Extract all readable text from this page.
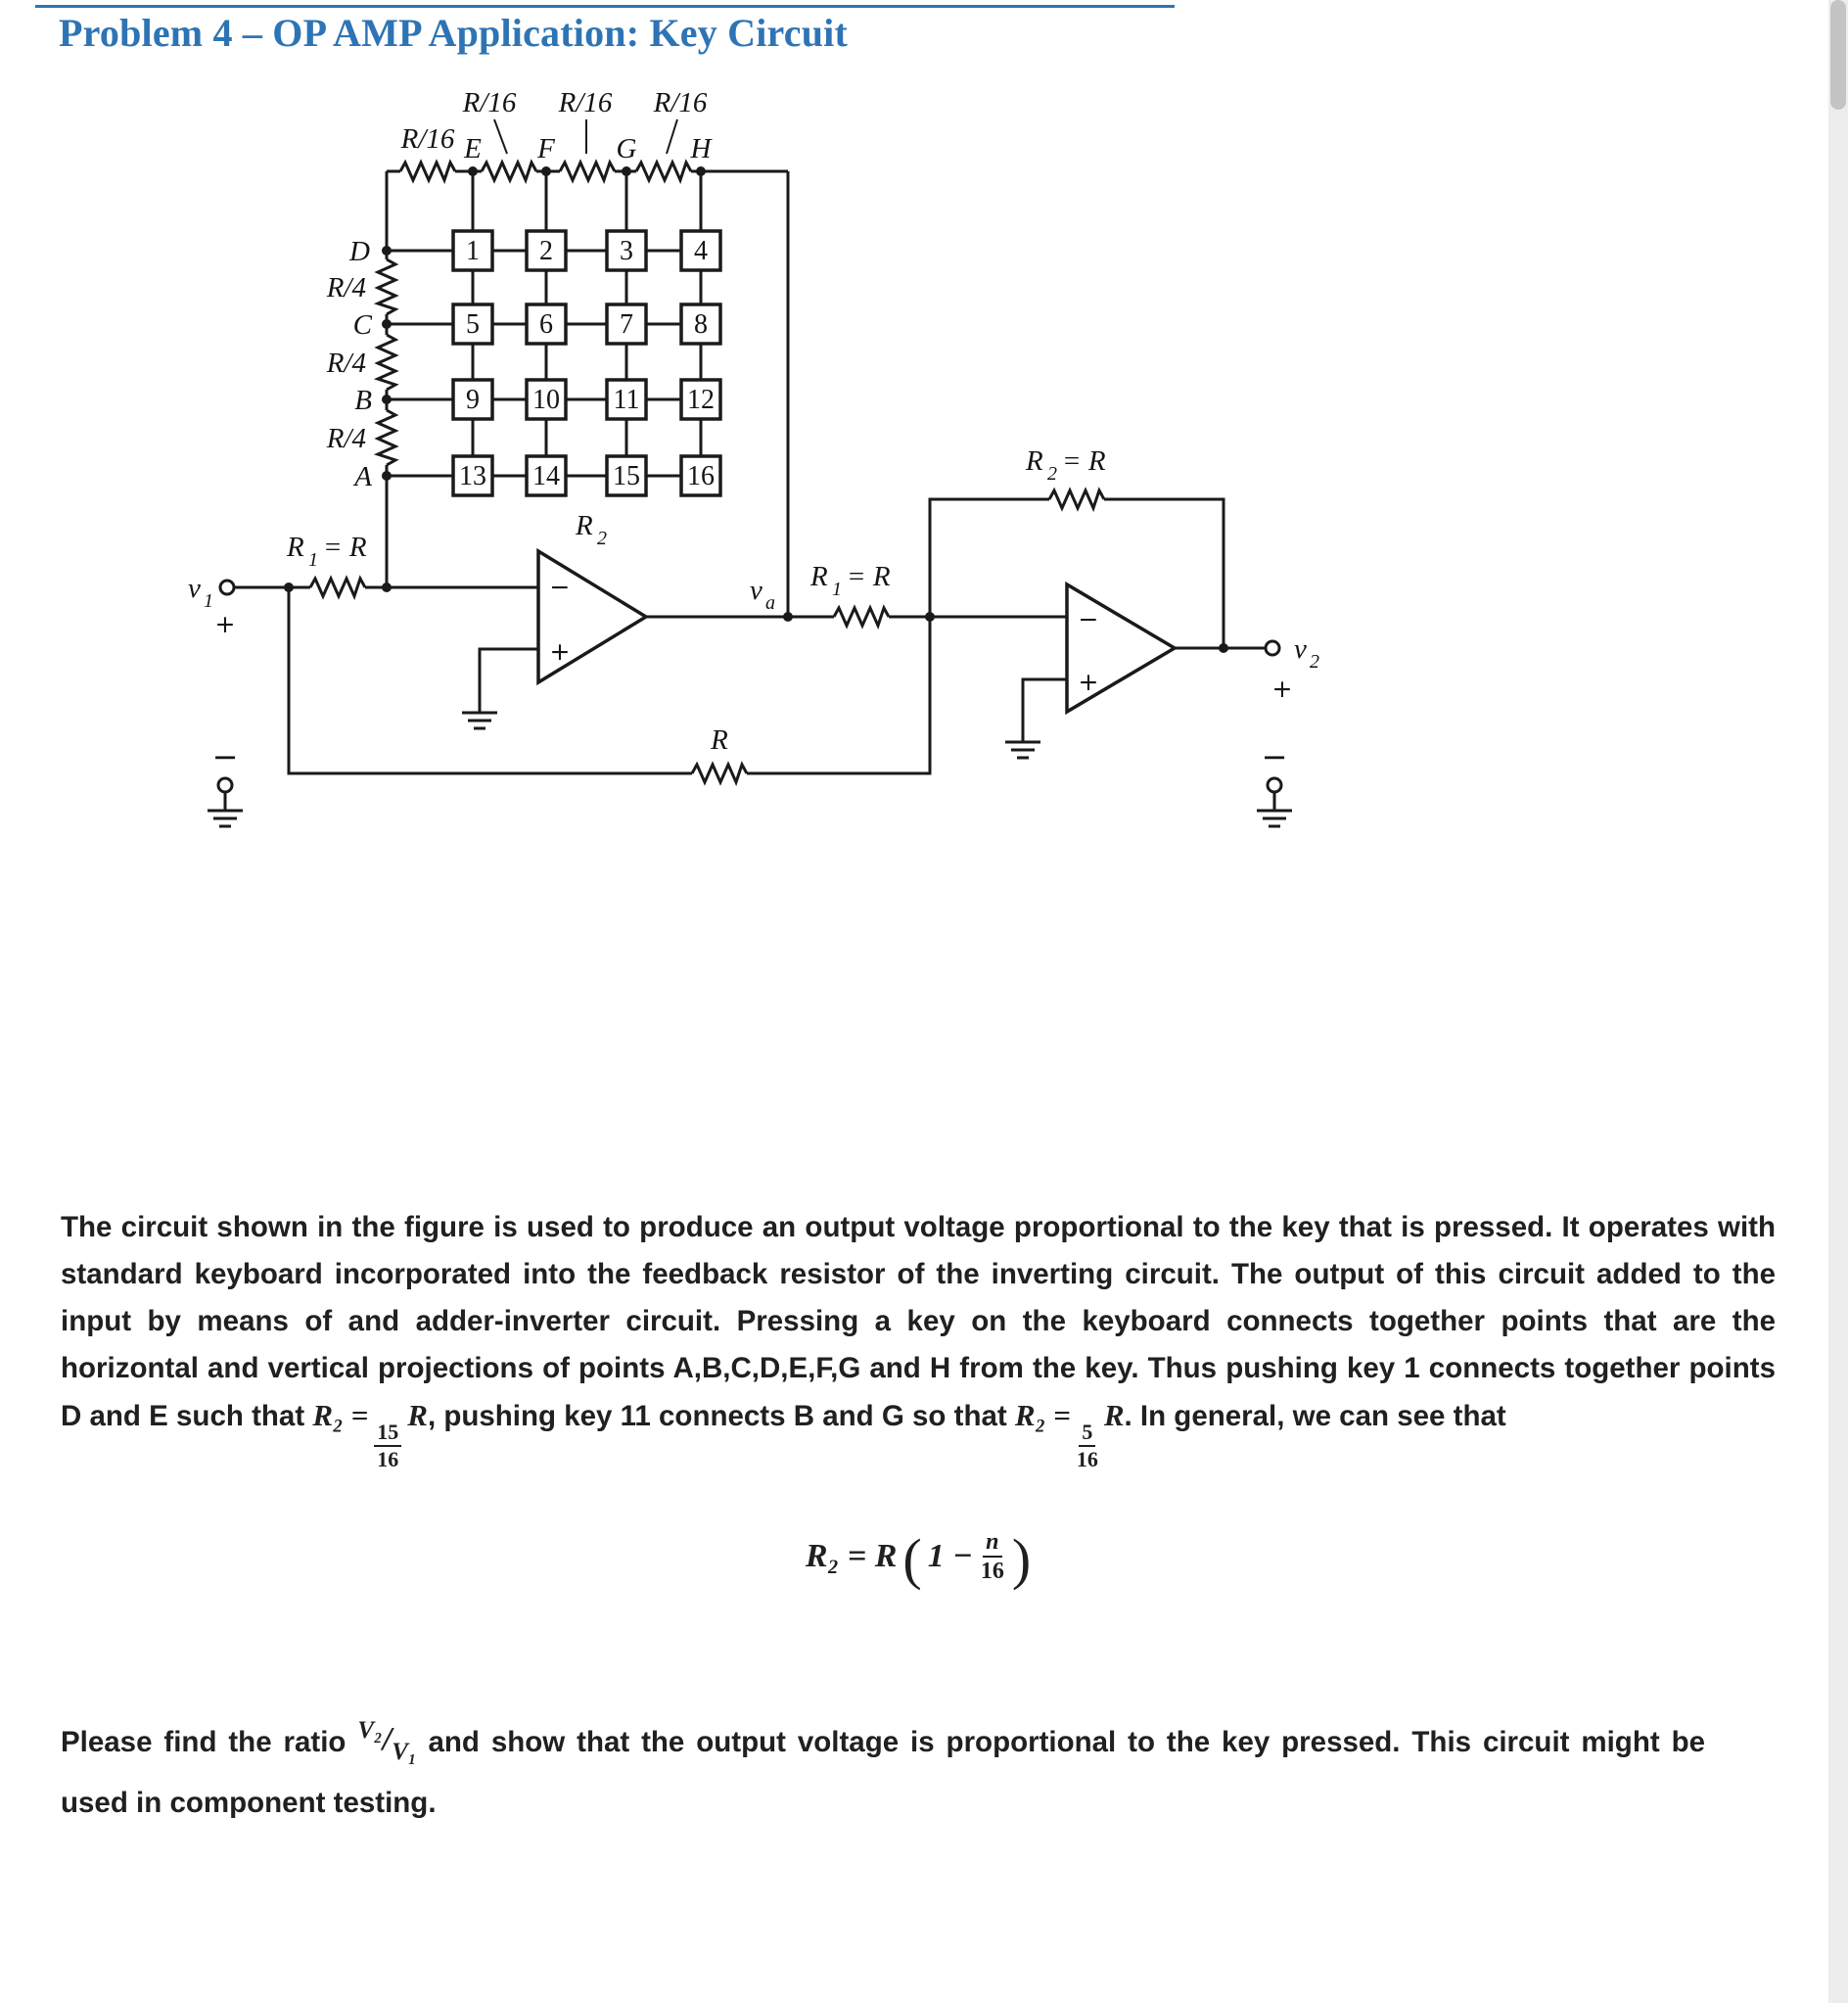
Problem 4 – OP AMP Application: Key Circuit
1 2 3 4
5 6 7 8
9 10 11 12
13 14 15 16
−
+
−
+
R/16
R/16 R/16 R/16
E F G H
D
C
B
A
R/4
R/4
R/4
R 2
R 1 = R
v 1
+
−
v a
R 1 = R
R 2 = R
R
v 2
+
−
The circuit shown in the figure is used to produce an output voltage proportional to the key that is pressed. It operates with standard keyboard incorporated into the feedback resistor of the inverting circuit. The output of this circuit added to the input by means of and adder-inverter circuit. Pressing a key on the keyboard connects together points that are the horizontal and vertical projections of points A,B,C,D,E,F,G and H from the key. Thus pushing key 1 connects together points D and E such that R₂ =
$\frac{15}{16}$
R, pushing key 11 connects B and G so that R₂ =
$\frac{5}{16}$
R. In general, we can see that
R₂ = R ( $1 - \frac{n}{16}$ )
Please find the ratio $^{V_2}/_{V_1}$ and show that the output voltage is proportional to the key pressed. This circuit might be used in component testing.
